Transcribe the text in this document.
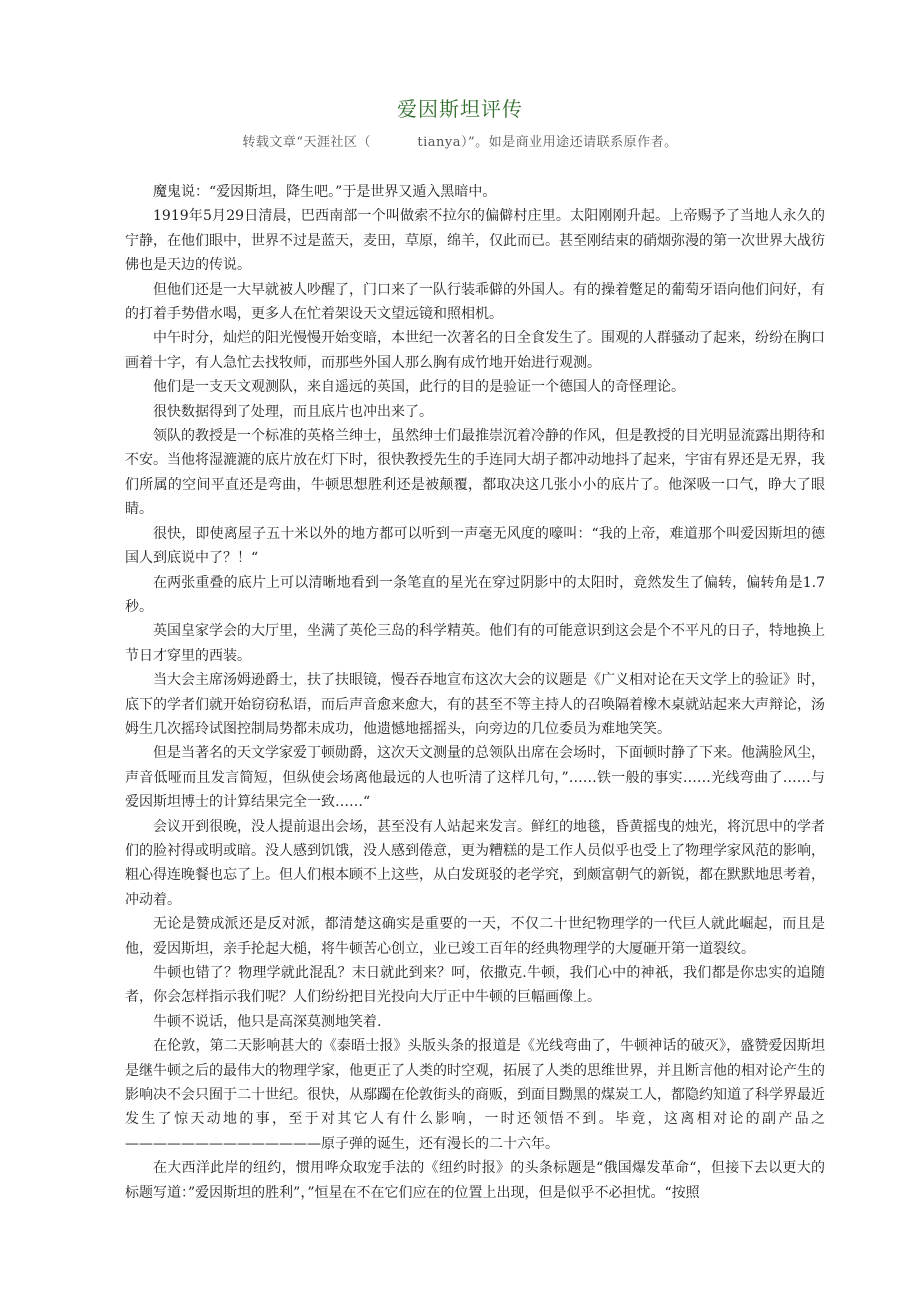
爱因斯坦评传
转载文章“天涯社区（          tianya）”。如是商业用途还请联系原作者。

魔鬼说：“爱因斯坦，降生吧。”于是世界又遁入黑暗中。

1919年5月29日清晨，巴西南部一个叫做索不拉尔的偏僻村庄里。太阳刚刚升起。上帝赐予了当地人永久的宁静，在他们眼中，世界不过是蓝天，麦田，草原，绵羊，仅此而已。甚至刚结束的硝烟弥漫的第一次世界大战彷佛也是天边的传说。

但他们还是一大早就被人吵醒了，门口来了一队行装乖僻的外国人。有的操着蹩足的葡萄牙语向他们问好，有的打着手势借水喝，更多人在忙着架设天文望远镜和照相机。

中午时分，灿烂的阳光慢慢开始变暗，本世纪一次著名的日全食发生了。围观的人群骚动了起来，纷纷在胸口画着十字，有人急忙去找牧师，而那些外国人那么胸有成竹地开始进行观测。

他们是一支天文观测队，来自遥远的英国，此行的目的是验证一个德国人的奇怪理论。

很快数据得到了处理，而且底片也冲出来了。

领队的教授是一个标准的英格兰绅士，虽然绅士们最推崇沉着冷静的作风，但是教授的目光明显流露出期待和不安。当他将湿漉漉的底片放在灯下时，很快教授先生的手连同大胡子都冲动地抖了起来，宇宙有界还是无界，我们所属的空间平直还是弯曲，牛顿思想胜利还是被颠覆，都取决这几张小小的底片了。他深吸一口气，睁大了眼睛。

很快，即使离屋子五十米以外的地方都可以听到一声毫无风度的嚎叫：“我的上帝，难道那个叫爱因斯坦的德国人到底说中了？！“

在两张重叠的底片上可以清晰地看到一条笔直的星光在穿过阴影中的太阳时，竟然发生了偏转，偏转角是1.7秒。

英国皇家学会的大厅里，坐满了英伦三岛的科学精英。他们有的可能意识到这会是个不平凡的日子，特地换上节日才穿里的西装。

当大会主席汤姆逊爵士，扶了扶眼镜，慢吞吞地宣布这次大会的议题是《广义相对论在天文学上的验证》时，底下的学者们就开始窃窃私语，而后声音愈来愈大，有的甚至不等主持人的召唤隔着橡木桌就站起来大声辩论，汤姆生几次摇玲试图控制局势都未成功，他遗憾地摇摇头，向旁边的几位委员为难地笑笑。

但是当著名的天文学家爱丁顿勋爵，这次天文测量的总领队出席在会场时，下面顿时静了下来。他满脸风尘，声音低哑而且发言简短，但纵使会场离他最远的人也听清了这样几句，”……铁一般的事实……光线弯曲了……与爱因斯坦博士的计算结果完全一致……“

会议开到很晚，没人提前退出会场，甚至没有人站起来发言。鲜红的地毯，昏黄摇曳的烛光，将沉思中的学者们的脸衬得或明或暗。没人感到饥饿，没人感到倦意，更为糟糕的是工作人员似乎也受上了物理学家风范的影响，粗心得连晚餐也忘了上。但人们根本顾不上这些，从白发斑驳的老学究，到颇富朝气的新锐，都在默默地思考着，冲动着。

无论是赞成派还是反对派，都清楚这确实是重要的一天，不仅二十世纪物理学的一代巨人就此崛起，而且是他，爱因斯坦，亲手抡起大槌，将牛顿苦心创立，业已竣工百年的经典物理学的大厦砸开第一道裂纹。

牛顿也错了？物理学就此混乱？末日就此到来？呵，依撒克.牛顿，我们心中的神祇，我们都是你忠实的追随者，你会怎样指示我们呢？人们纷纷把目光投向大厅正中牛顿的巨幅画像上。

牛顿不说话，他只是高深莫测地笑着.

在伦敦，第二天影响甚大的《泰晤士报》头版头条的报道是《光线弯曲了，牛顿神话的破灭》，盛赞爱因斯坦是继牛顿之后的最伟大的物理学家，他更正了人类的时空观，拓展了人类的思维世界，并且断言他的相对论产生的影响决不会只囿于二十世纪。很快，从鄢躅在伦敦街头的商贩，到面目黝黑的煤炭工人，都隐约知道了科学界最近发生了惊天动地的事，至于对其它人有什么影响，一时还领悟不到。毕竟，这离相对论的副产品之——————————————原子弹的诞生，还有漫长的二十六年。

在大西洋此岸的纽约，惯用哗众取宠手法的《纽约时报》的头条标题是“俄国爆发革命“，但接下去以更大的标题写道：”爱因斯坦的胜利”，”恒星在不在它们应在的位置上出现，但是似乎不必担忧。“按照
